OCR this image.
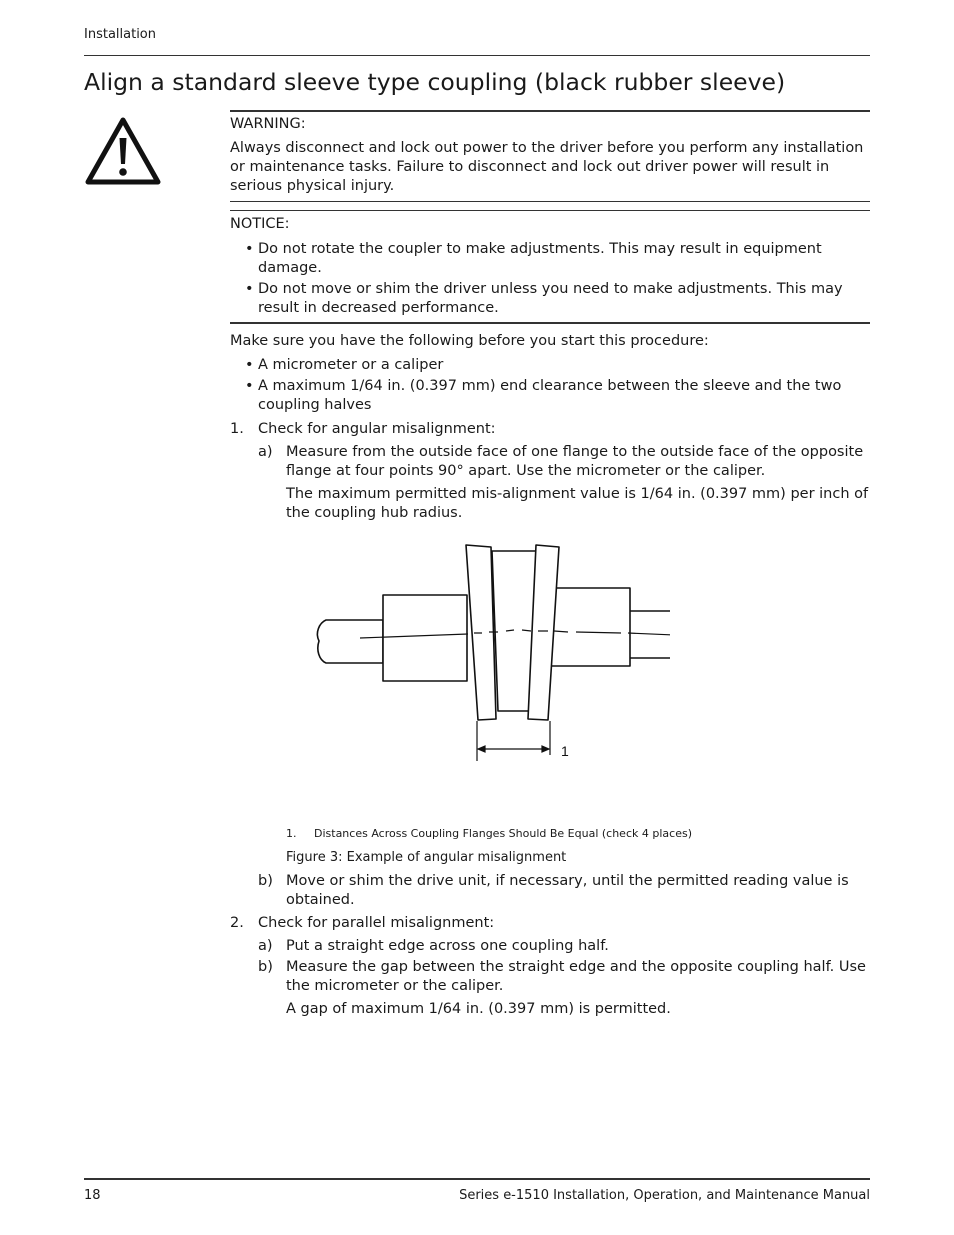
Installation
Align a standard sleeve type coupling (black rubber sleeve)
WARNING:
Always disconnect and lock out power to the driver before you perform any installation or maintenance tasks. Failure to disconnect and lock out driver power will result in serious physical injury.
NOTICE:
• Do not rotate the coupler to make adjustments. This may result in equipment damage.
• Do not move or shim the driver unless you need to make adjustments. This may result in decreased performance.
Make sure you have the following before you start this procedure:
• A micrometer or a caliper
• A maximum 1/64 in. (0.397 mm) end clearance between the sleeve and the two coupling halves
1. Check for angular misalignment:
a) Measure from the outside face of one flange to the outside face of the opposite flange at four points 90° apart. Use the micrometer or the caliper.
The maximum permitted mis-alignment value is 1/64 in. (0.397 mm) per inch of the coupling hub radius.
1
1. Distances Across Coupling Flanges Should Be Equal (check 4 places)
Figure 3: Example of angular misalignment
b) Move or shim the drive unit, if necessary, until the permitted reading value is obtained.
2. Check for parallel misalignment:
a) Put a straight edge across one coupling half.
b) Measure the gap between the straight edge and the opposite coupling half. Use the micrometer or the caliper.
A gap of maximum 1/64 in. (0.397 mm) is permitted.
18	Series e-1510 Installation, Operation, and Maintenance Manual
